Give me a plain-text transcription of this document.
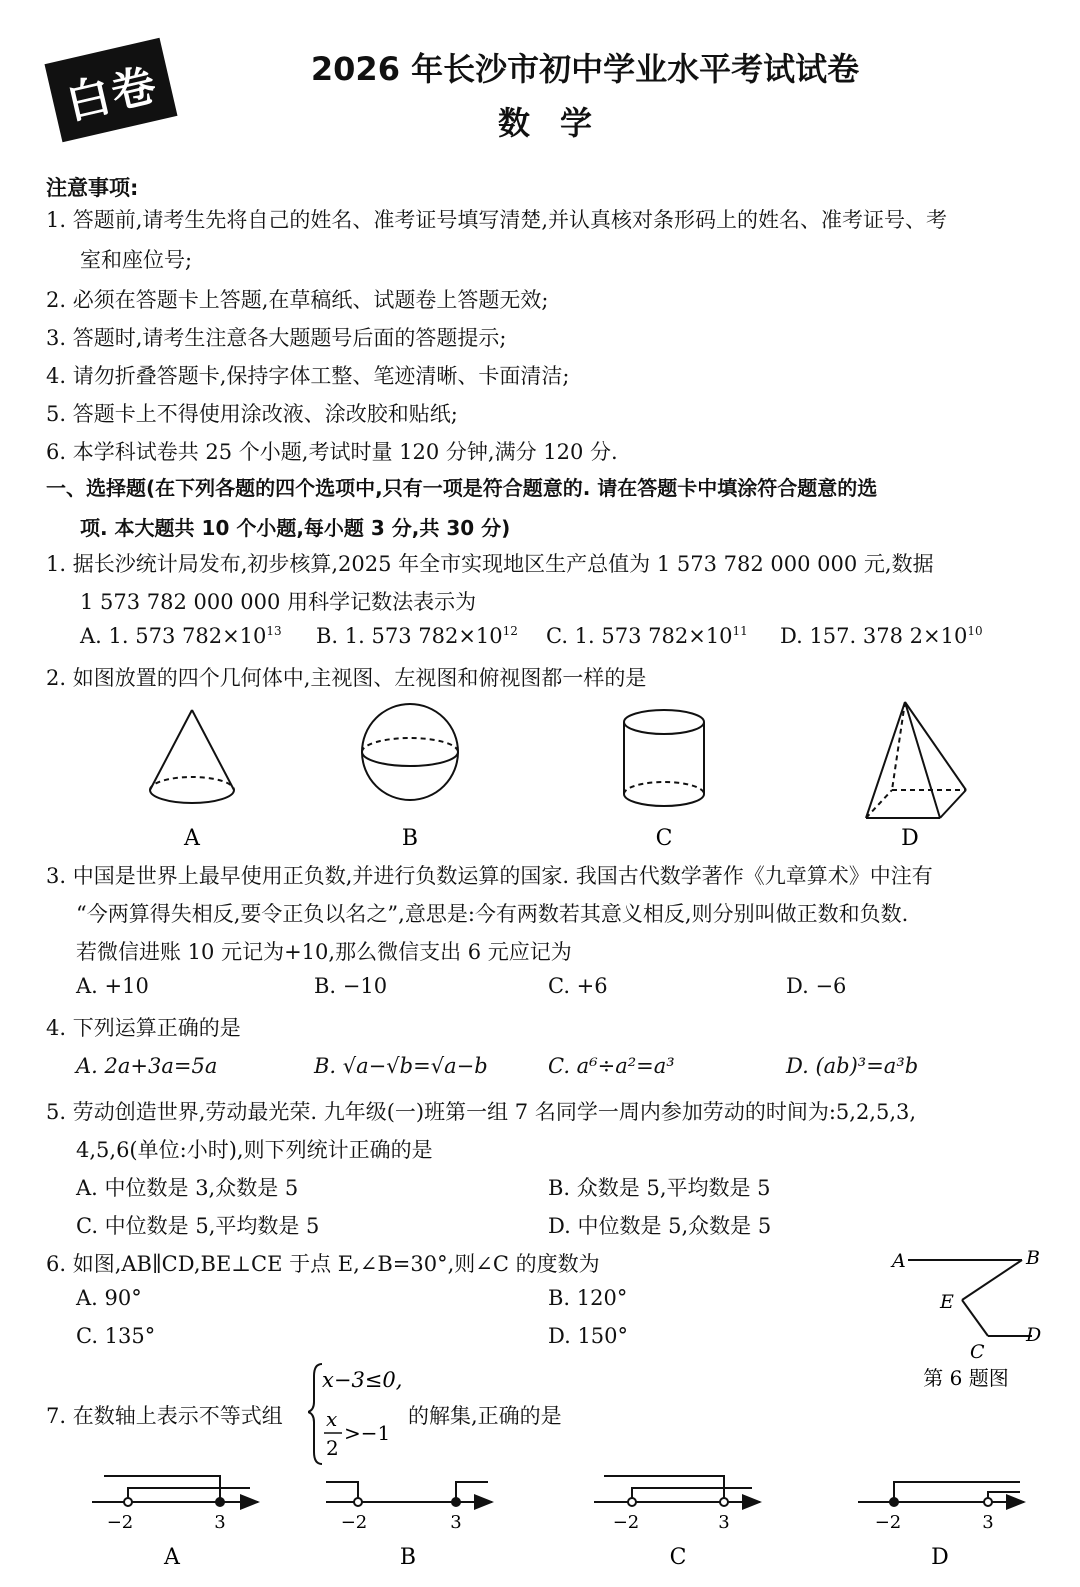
白卷	2026 年长沙市初中学业水平考试试卷
数学
注意事项:
1. 答题前,请考生先将自己的姓名、准考证号填写清楚,并认真核对条形码上的姓名、准考证号、考
室和座位号;
2. 必须在答题卡上答题,在草稿纸、试题卷上答题无效;
3. 答题时,请考生注意各大题题号后面的答题提示;
4. 请勿折叠答题卡,保持字体工整、笔迹清晰、卡面清洁;
5. 答题卡上不得使用涂改液、涂改胶和贴纸;
6. 本学科试卷共 25 个小题,考试时量 120 分钟,满分 120 分.
一、选择题(在下列各题的四个选项中,只有一项是符合题意的. 请在答题卡中填涂符合题意的选
项. 本大题共 10 个小题,每小题 3 分,共 30 分)
1. 据长沙统计局发布,初步核算,2025 年全市实现地区生产总值为 1 573 782 000 000 元,数据
1 573 782 000 000 用科学记数法表示为
A. 1. 573 $782\times 10^{13}$ B. 1. 573 $782\times 10^{12}$ C. 1. 573 $782\times 10^{11}$ D. 157. 378 $2\times 10^{10}$
2. 如图放置的四个几何体中,主视图、左视图和俯视图都一样的是
A	B	C	D
3. 中国是世界上最早使用正负数,并进行负数运算的国家. 我国古代数学著作《九章算术》中注有
“今两算得失相反,要令正负以名之”,意思是:今有两数若其意义相反,则分别叫做正数和负数.
若微信进账 10 元记为+10,那么微信支出 6 元应记为
A. +10	B. −10	C. +6	D. −6
4. 下列运算正确的是
A. 2a+3a=5a	B. √a−√b=√a−b	C. a⁶÷a²=a³	D. (ab)³=a³b
5. 劳动创造世界,劳动最光荣. 九年级(一)班第一组 7 名同学一周内参加劳动的时间为:5,2,5,3,
4,5,6(单位:小时),则下列统计正确的是
A. 中位数是 3,众数是 5	B. 众数是 5,平均数是 5
C. 中位数是 5,平均数是 5	D. 中位数是 5,众数是 5
6. 如图,AB∥CD,BE⊥CE 于点 E,∠B=30°,则∠C 的度数为
A. 90°	B. 120°
C. 135°	D. 150°
A	B
E
C
D
第 6 题图
7. 在数轴上表示不等式组
x−3≤0,
x
2
>−1
的解集,正确的是
−2	3	−2	3	−2	3	−2	3
A	B	C	D
